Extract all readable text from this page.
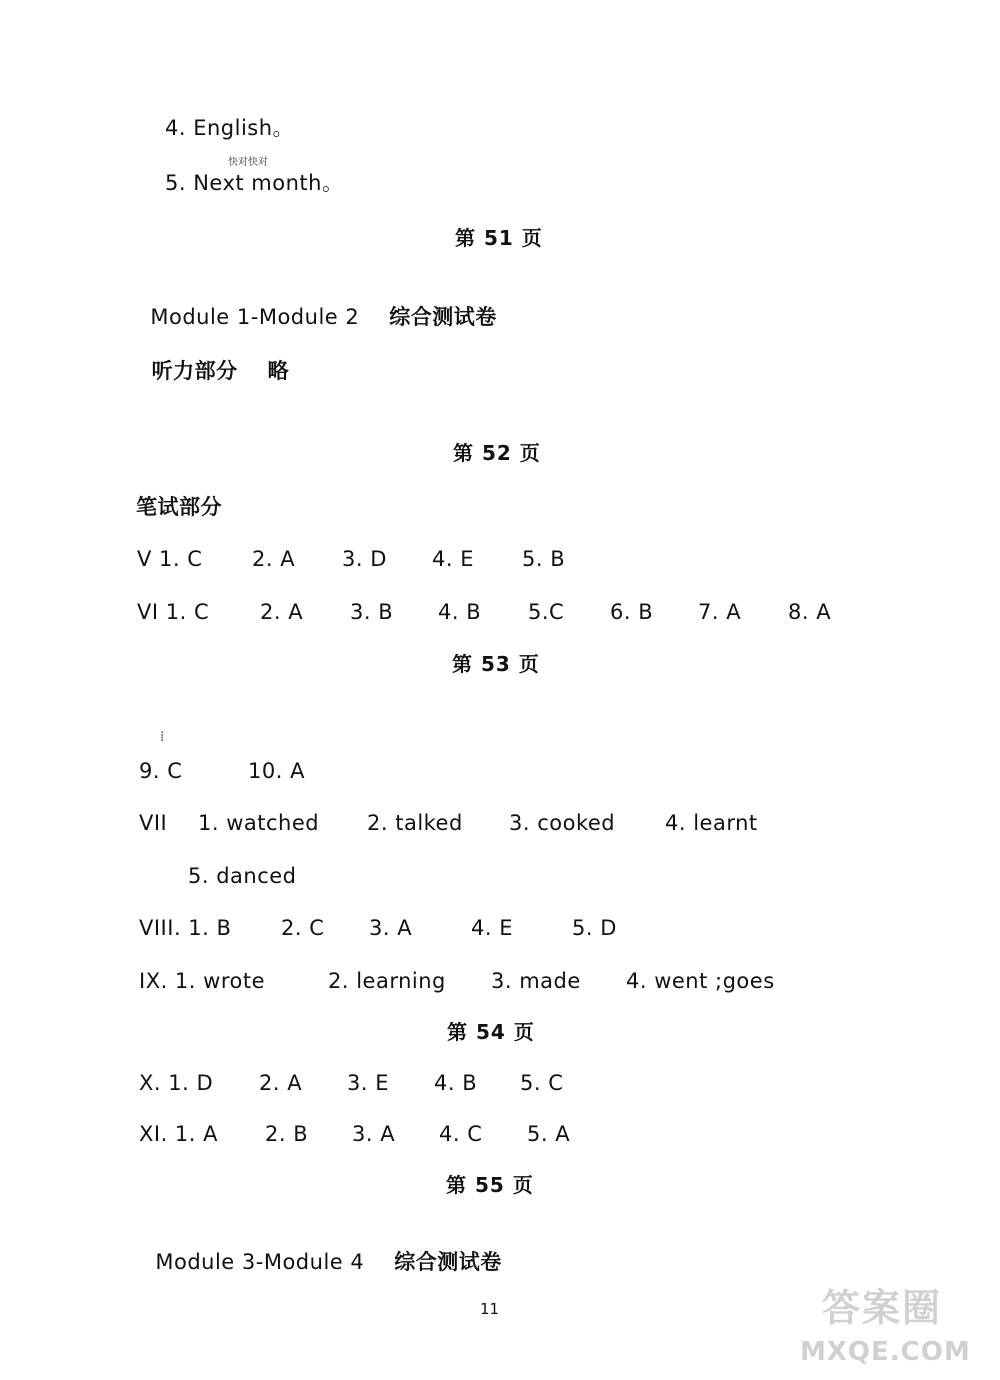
4. English。
快对快对
5. Next month。
第 51 页

Module 1-Module 2 综合测试卷

听力部分 略

第 52 页
笔试部分
V 1. C 2. A 3. D 4. E 5. B
VI 1. C 2. A 3. B 4. B 5.C 6. B 7. A 8. A
第 53 页
⁞
9. C	10. A
VII 1. watched 2. talked 3. cooked 4. learnt
5. danced
VIII. 1. B 2. C 3. A	4. E	5. D
IX. 1. wrote	2. learning 3. made 4. went ;goes
第 54 页
X. 1. D 2. A 3. E 4. B 5. C
XI. 1. A 2. B 3. A 4. C 5. A
第 55 页

Module 3-Module 4 综合测试卷

11	答案圈
MXQE.COM
